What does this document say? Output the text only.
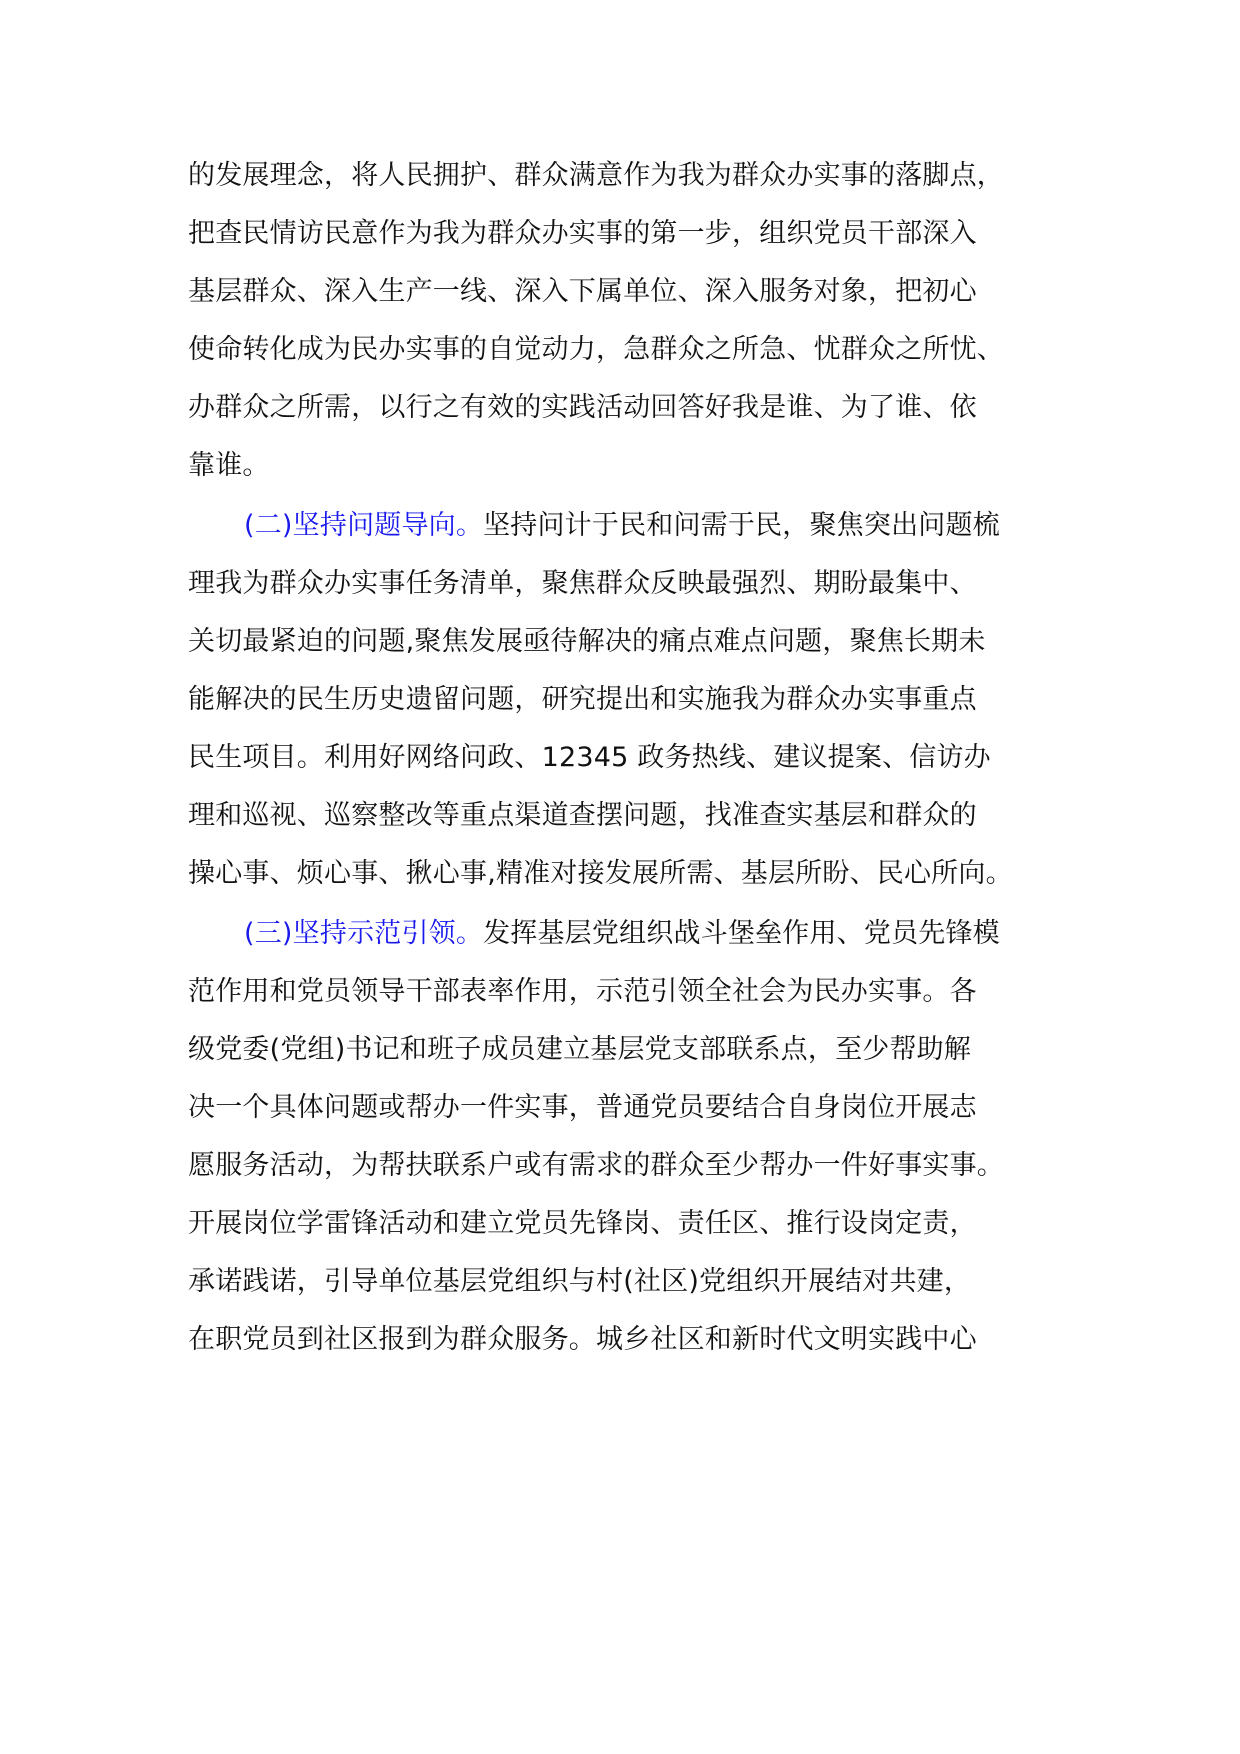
的发展理念，将人民拥护、群众满意作为我为群众办实事的落脚点，

把查民情访民意作为我为群众办实事的第一步，组织党员干部深入

基层群众、深入生产一线、深入下属单位、深入服务对象，把初心

使命转化成为民办实事的自觉动力，急群众之所急、忧群众之所忧、

办群众之所需，以行之有效的实践活动回答好我是谁、为了谁、依

靠谁。

(二)坚持问题导向。坚持问计于民和问需于民，聚焦突出问题梳

理我为群众办实事任务清单，聚焦群众反映最强烈、期盼最集中、

关切最紧迫的问题,聚焦发展亟待解决的痛点难点问题，聚焦长期未

能解决的民生历史遗留问题，研究提出和实施我为群众办实事重点

民生项目。利用好网络问政、12345 政务热线、建议提案、信访办

理和巡视、巡察整改等重点渠道查摆问题，找准查实基层和群众的

操心事、烦心事、揪心事,精准对接发展所需、基层所盼、民心所向。

(三)坚持示范引领。发挥基层党组织战斗堡垒作用、党员先锋模

范作用和党员领导干部表率作用，示范引领全社会为民办实事。各

级党委(党组)书记和班子成员建立基层党支部联系点，至少帮助解

决一个具体问题或帮办一件实事，普通党员要结合自身岗位开展志

愿服务活动，为帮扶联系户或有需求的群众至少帮办一件好事实事。

开展岗位学雷锋活动和建立党员先锋岗、责任区、推行设岗定责，

承诺践诺，引导单位基层党组织与村(社区)党组织开展结对共建，

在职党员到社区报到为群众服务。城乡社区和新时代文明实践中心
